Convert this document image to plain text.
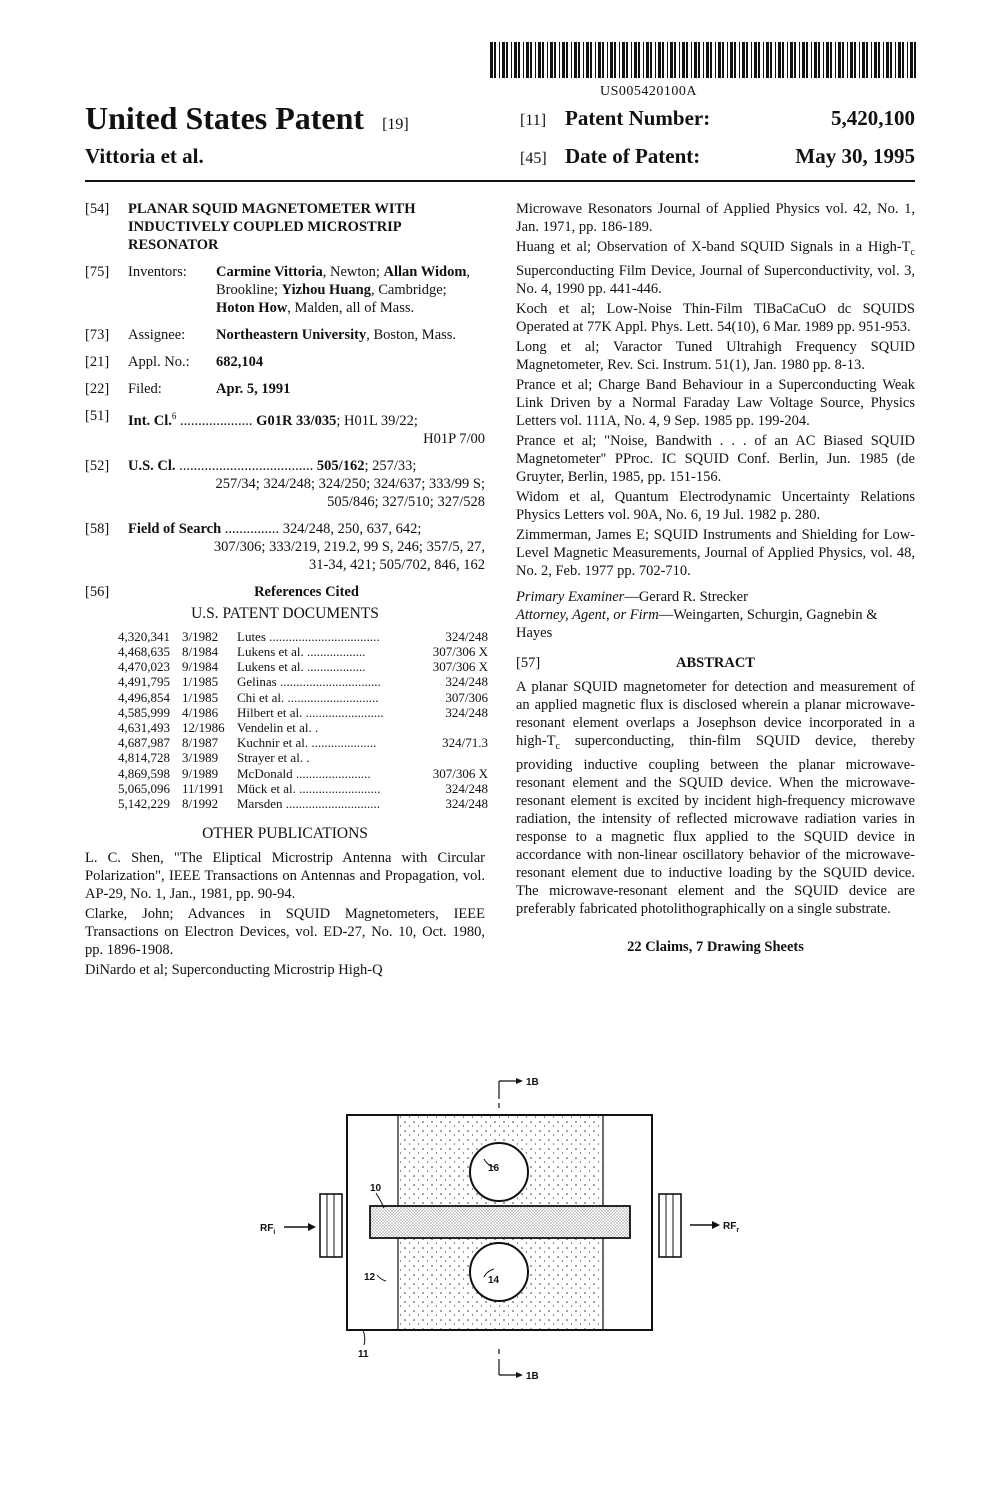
US005420100A
United States Patent [19]
Vittoria et al.
[11] Patent Number:	5,420,100
[45] Date of Patent:	May 30, 1995
[54]	PLANAR SQUID MAGNETOMETER WITH INDUCTIVELY COUPLED MICROSTRIP RESONATOR
[75]	Inventors:	Carmine Vittoria, Newton; Allan Widom, Brookline; Yizhou Huang, Cambridge; Hoton How, Malden, all of Mass.
[73]	Assignee:	Northeastern University, Boston, Mass.
[21]	Appl. No.: 682,104
[22]	Filed:	Apr. 5, 1991
[51]	Int. Cl.$^6$ .................... G01R 33/035; H01L 39/22;
H01P 7/00
[52]	U.S. Cl. ..................................... 505/162; 257/33;
257/34; 324/248; 324/250; 324/637; 333/99 S;
505/846; 327/510; 327/528
[58]	Field of Search ............... 324/248, 250, 637, 642;
307/306; 333/219, 219.2, 99 S, 246; 357/5, 27,
31-34, 421; 505/702, 846, 162
[56]	References Cited
U.S. PATENT DOCUMENTS
4,320,341	3/1982	Lutes ..................................	324/248
4,468,635	8/1984	Lukens et al. ..................	307/306 X
4,470,023	9/1984	Lukens et al. ..................	307/306 X
4,491,795	1/1985	Gelinas ...............................	324/248
4,496,854	1/1985	Chi et al. ............................	307/306
4,585,999	4/1986	Hilbert et al. ........................	324/248
4,631,493	12/1986	Vendelin et al. .	
4,687,987	8/1987	Kuchnir et al. ....................	324/71.3
4,814,728	3/1989	Strayer et al. .	
4,869,598	9/1989	McDonald .......................	307/306 X
5,065,096	11/1991	Mück et al. .........................	324/248
5,142,229	8/1992	Marsden .............................	324/248
OTHER PUBLICATIONS
L. C. Shen, "The Eliptical Microstrip Antenna with Circular Polarization", IEEE Transactions on Antennas and Propagation, vol. AP-29, No. 1, Jan., 1981, pp. 90-94.
Clarke, John; Advances in SQUID Magnetometers, IEEE Transactions on Electron Devices, vol. ED-27, No. 10, Oct. 1980, pp. 1896-1908.
DiNardo et al; Superconducting Microstrip High-Q
Microwave Resonators Journal of Applied Physics vol. 42, No. 1, Jan. 1971, pp. 186-189.
Huang et al; Observation of X-band SQUID Signals in a High-$T_c$ Superconducting Film Device, Journal of Superconductivity, vol. 3, No. 4, 1990 pp. 441-446.
Koch et al; Low-Noise Thin-Film TlBaCaCuO dc SQUIDS Operated at 77K Appl. Phys. Lett. 54(10), 6 Mar. 1989 pp. 951-953.
Long et al; Varactor Tuned Ultrahigh Frequency SQUID Magnetometer, Rev. Sci. Instrum. 51(1), Jan. 1980 pp. 8-13.
Prance et al; Charge Band Behaviour in a Superconducting Weak Link Driven by a Normal Faraday Law Voltage Source, Physics Letters vol. 111A, No. 4, 9 Sep. 1985 pp. 199-204.
Prance et al; "Noise, Bandwith . . . of an AC Biased SQUID Magnetometer" PProc. IC SQUID Conf. Berlin, Jun. 1985 (de Gruyter, Berlin, 1985, pp. 151-156.
Widom et al, Quantum Electrodynamic Uncertainty Relations Physics Letters vol. 90A, No. 6, 19 Jul. 1982 p. 280.
Zimmerman, James E; SQUID Instruments and Shielding for Low-Level Magnetic Measurements, Journal of Applied Physics, vol. 48, No. 2, Feb. 1977 pp. 702-710.
Primary Examiner—Gerard R. Strecker
Attorney, Agent, or Firm—Weingarten, Schurgin, Gagnebin & Hayes
[57]	ABSTRACT
A planar SQUID magnetometer for detection and measurement of an applied magnetic flux is disclosed wherein a planar microwave-resonant element overlaps a Josephson device incorporated in a high-$T_c$ superconducting, thin-film SQUID device, thereby providing inductive coupling between the planar microwave-resonant element and the SQUID device. When the microwave-resonant element is excited by incident high-frequency microwave radiation, the intensity of reflected microwave radiation varies in response to a magnetic flux applied to the SQUID device in accordance with non-linear oscillatory behavior of the microwave-resonant element due to inductive loading by the SQUID device. The microwave-resonant element and the SQUID device are preferably fabricated photolithographically on a single substrate.
22 Claims, 7 Drawing Sheets
1B
1B
16
14
10
12
11
$RF_i$
$RF_r$
